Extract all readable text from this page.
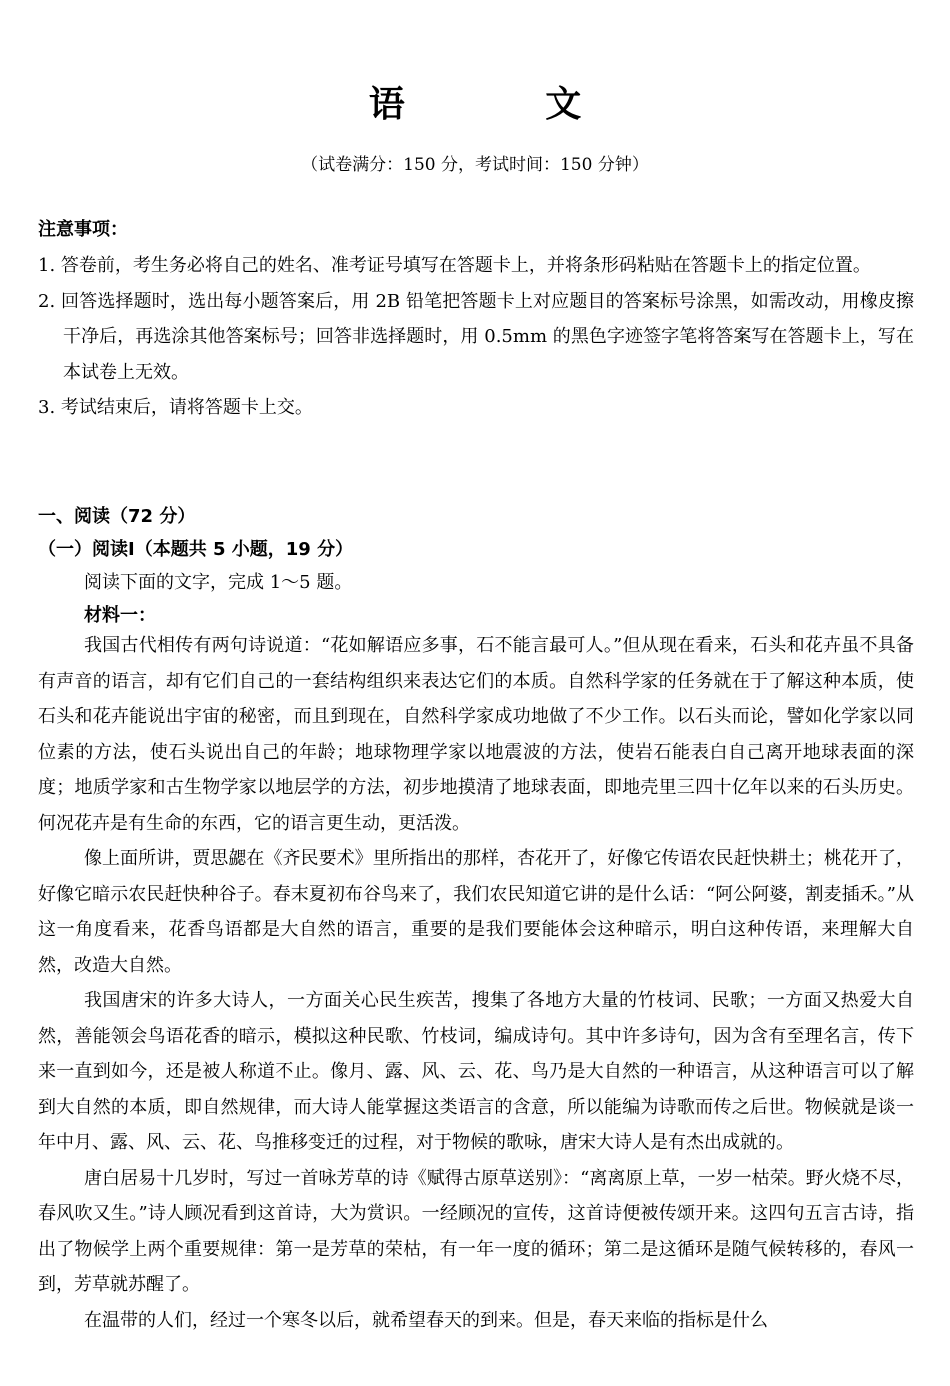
语 文
（试卷满分：150 分，考试时间：150 分钟）
注意事项：

1. 答卷前，考生务必将自己的姓名、准考证号填写在答题卡上，并将条形码粘贴在答题卡上的指定位置。

2. 回答选择题时，选出每小题答案后，用 2B 铅笔把答题卡上对应题目的答案标号涂黑，如需改动，用橡皮擦干净后，再选涂其他答案标号；回答非选择题时，用 0.5mm 的黑色字迹签字笔将答案写在答题卡上，写在本试卷上无效。

3. 考试结束后，请将答题卡上交。

一、阅读（72 分）
（一）阅读Ⅰ（本题共 5 小题，19 分）
阅读下面的文字，完成 1～5 题。
材料一：

我国古代相传有两句诗说道：“花如解语应多事，石不能言最可人。”但从现在看来，石头和花卉虽不具备有声音的语言，却有它们自己的一套结构组织来表达它们的本质。自然科学家的任务就在于了解这种本质，使石头和花卉能说出宇宙的秘密，而且到现在，自然科学家成功地做了不少工作。以石头而论，譬如化学家以同位素的方法，使石头说出自己的年龄；地球物理学家以地震波的方法，使岩石能表白自己离开地球表面的深度；地质学家和古生物学家以地层学的方法，初步地摸清了地球表面，即地壳里三四十亿年以来的石头历史。何况花卉是有生命的东西，它的语言更生动，更活泼。

像上面所讲，贾思勰在《齐民要术》里所指出的那样，杏花开了，好像它传语农民赶快耕土；桃花开了，好像它暗示农民赶快种谷子。春末夏初布谷鸟来了，我们农民知道它讲的是什么话：“阿公阿婆，割麦插禾。”从这一角度看来，花香鸟语都是大自然的语言，重要的是我们要能体会这种暗示，明白这种传语，来理解大自然，改造大自然。

我国唐宋的许多大诗人，一方面关心民生疾苦，搜集了各地方大量的竹枝词、民歌；一方面又热爱大自然，善能领会鸟语花香的暗示，模拟这种民歌、竹枝词，编成诗句。其中许多诗句，因为含有至理名言，传下来一直到如今，还是被人称道不止。像月、露、风、云、花、鸟乃是大自然的一种语言，从这种语言可以了解到大自然的本质，即自然规律，而大诗人能掌握这类语言的含意，所以能编为诗歌而传之后世。物候就是谈一年中月、露、风、云、花、鸟推移变迁的过程，对于物候的歌咏，唐宋大诗人是有杰出成就的。

唐白居易十几岁时，写过一首咏芳草的诗《赋得古原草送别》：“离离原上草，一岁一枯荣。野火烧不尽，春风吹又生。”诗人顾况看到这首诗，大为赏识。一经顾况的宣传，这首诗便被传颂开来。这四句五言古诗，指出了物候学上两个重要规律：第一是芳草的荣枯，有一年一度的循环；第二是这循环是随气候转移的，春风一到，芳草就苏醒了。

在温带的人们，经过一个寒冬以后，就希望春天的到来。但是，春天来临的指标是什么
